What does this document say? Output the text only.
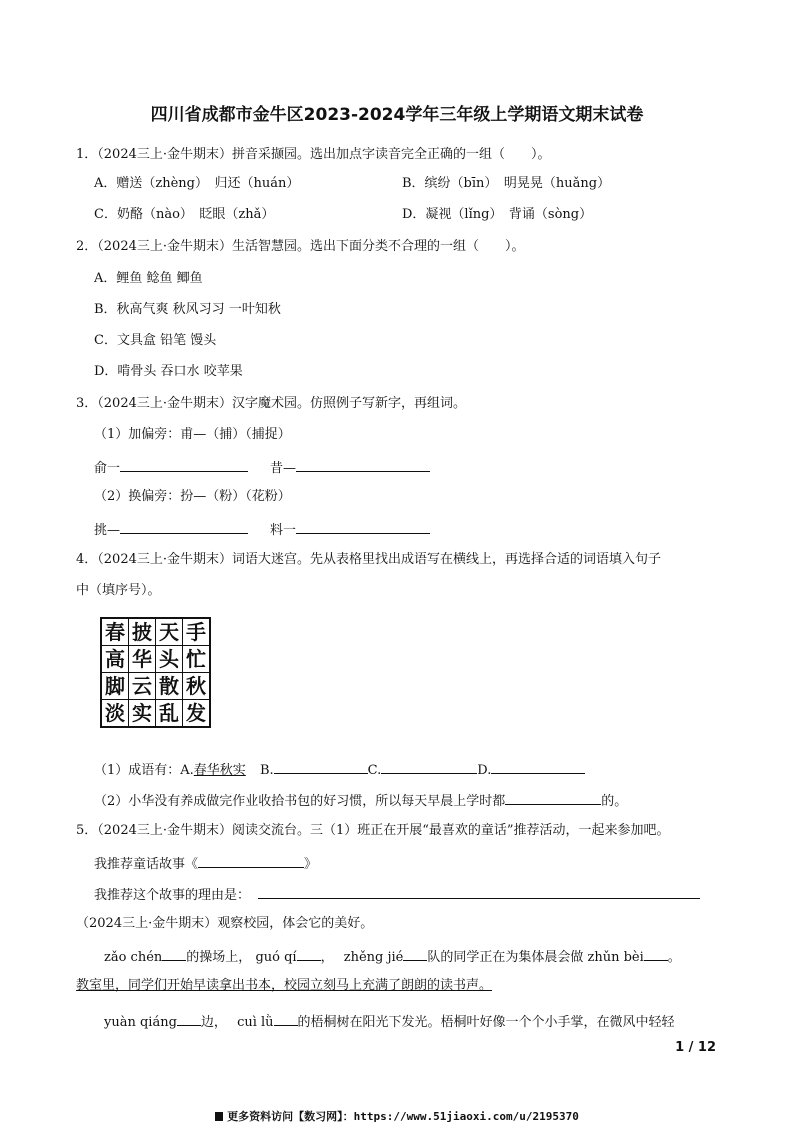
四川省成都市金牛区2023-2024学年三年级上学期语文期末试卷
1．（2024三上·金牛期末）拼音采撷园。选出加点字读音完全正确的一组（　　）。
A．赠送（zhèng）　归还（huán）	B．缤纷（bīn）　明晃晃（huǎng）
C．奶酪（nào）　眨眼（zhǎ）	D．凝视（lǐng）　背诵（sòng）
2．（2024三上·金牛期末）生活智慧园。选出下面分类不合理的一组（　　）。
A．鲤鱼 鲶鱼 鲫鱼
B．秋高气爽 秋风习习 一叶知秋
C．文具盒 铅笔 馒头
D．啃骨头 吞口水 咬苹果
3．（2024三上·金牛期末）汉字魔术园。仿照例子写新字，再组词。
（1）加偏旁：甫—（捕）（捕捉）
俞一	昔—
（2）换偏旁：扮—（粉）（花粉）
挑—	料一
4．（2024三上·金牛期末）词语大迷宫。先从表格里找出成语写在横线上，再选择合适的词语填入句子
中（填序号）。
春	披	天	手
高	华	头	忙
脚	云	散	秋
淡	实	乱	发
（1）成语有：A.春华秋实 B.	C.	D.
（2）小华没有养成做完作业收拾书包的好习惯，所以每天早晨上学时都	的。
5．（2024三上·金牛期末）阅读交流台。三（1）班正在开展“最喜欢的童话”推荐活动，一起来参加吧。
我推荐童话故事《	》
我推荐这个故事的理由是：
（2024三上·金牛期末）观察校园，体会它的美好。
zǎo chén 的操场上， guó qí ， zhěng jié 队的同学正在为集体晨会做 zhǔn bèi 。
教室里，同学们开始早读拿出书本，校园立刻马上充满了朗朗的读书声。
yuàn qiáng 边， cuì lǜ 的梧桐树在阳光下发光。梧桐叶好像一个个小手掌，在微风中轻轻
1 / 12
更多资料访问【数习网】：https://www.51jiaoxi.com/u/2195370
